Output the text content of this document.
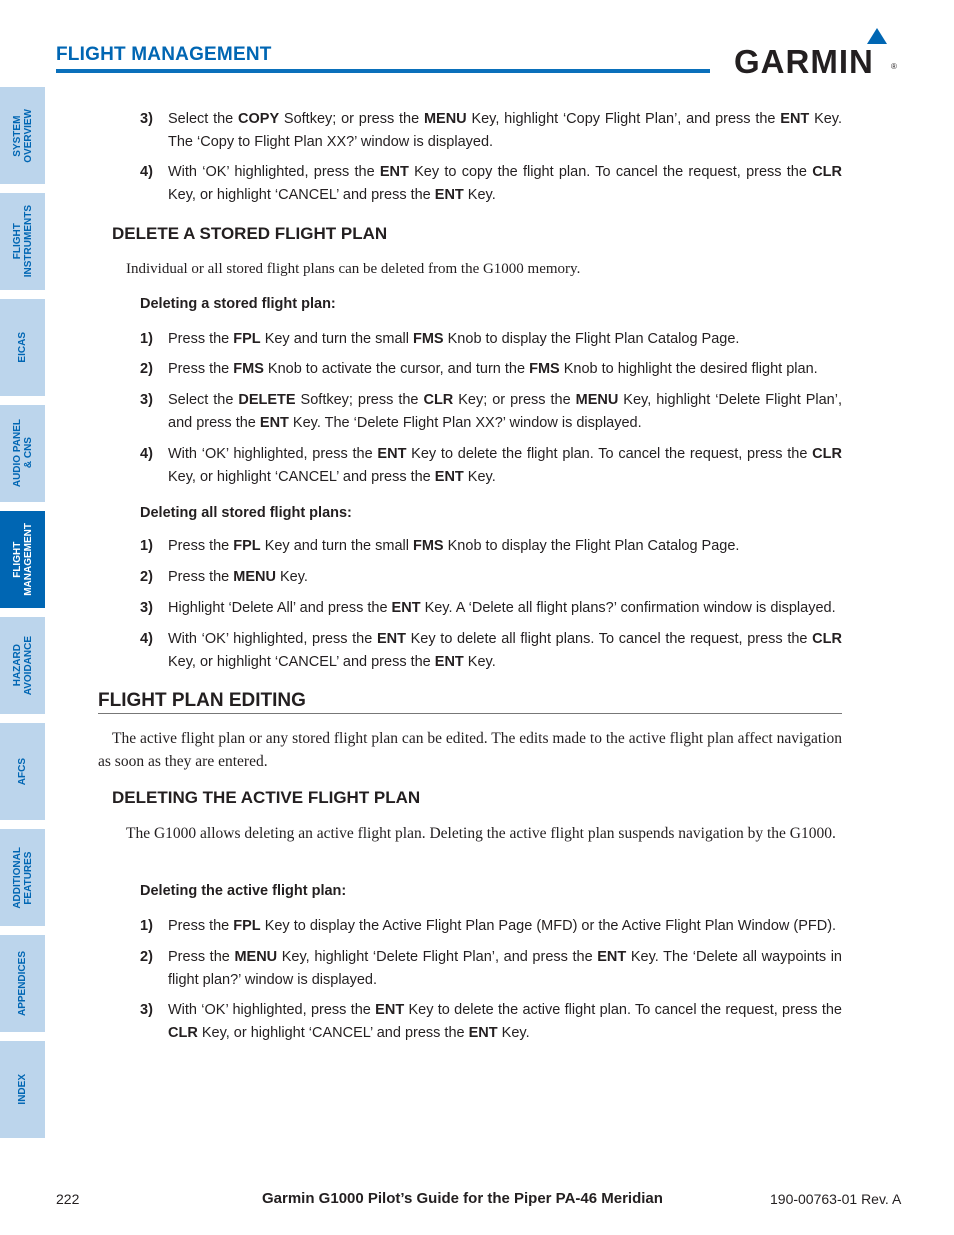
FLIGHT MANAGEMENT	GARMIN ®
SYSTEM
OVERVIEW
FLIGHT
INSTRUMENTS
EICAS
AUDIO PANEL
& CNS
FLIGHT
MANAGEMENT
HAZARD
AVOIDANCE
AFCS
ADDITIONAL
FEATURES
APPENDICES
INDEX
3) Select the COPY Softkey; or press the MENU Key, highlight ‘Copy Flight Plan’, and press the ENT Key. The ‘Copy to Flight Plan XX?’ window is displayed.
4) With ‘OK’ highlighted, press the ENT Key to copy the flight plan. To cancel the request, press the CLR Key, or highlight ‘CANCEL’ and press the ENT Key.
DELETE A STORED FLIGHT PLAN
Individual or all stored flight plans can be deleted from the G1000 memory.
Deleting a stored flight plan:
1) Press the FPL Key and turn the small FMS Knob to display the Flight Plan Catalog Page.
2) Press the FMS Knob to activate the cursor, and turn the FMS Knob to highlight the desired flight plan.
3) Select the DELETE Softkey; press the CLR Key; or press the MENU Key, highlight ‘Delete Flight Plan’, and press the ENT Key. The ‘Delete Flight Plan XX?’ window is displayed.
4) With ‘OK’ highlighted, press the ENT Key to delete the flight plan. To cancel the request, press the CLR Key, or highlight ‘CANCEL’ and press the ENT Key.
Deleting all stored flight plans:
1) Press the FPL Key and turn the small FMS Knob to display the Flight Plan Catalog Page.
2) Press the MENU Key.
3) Highlight ‘Delete All’ and press the ENT Key. A ‘Delete all flight plans?’ confirmation window is displayed.
4) With ‘OK’ highlighted, press the ENT Key to delete all flight plans. To cancel the request, press the CLR Key, or highlight ‘CANCEL’ and press the ENT Key.
FLIGHT PLAN EDITING
The active flight plan or any stored flight plan can be edited. The edits made to the active flight plan affect navigation as soon as they are entered.
DELETING THE ACTIVE FLIGHT PLAN
The G1000 allows deleting an active flight plan. Deleting the active flight plan suspends navigation by the G1000.
Deleting the active flight plan:
1) Press the FPL Key to display the Active Flight Plan Page (MFD) or the Active Flight Plan Window (PFD).
2) Press the MENU Key, highlight ‘Delete Flight Plan’, and press the ENT Key. The ‘Delete all waypoints in flight plan?’ window is displayed.
3) With ‘OK’ highlighted, press the ENT Key to delete the active flight plan. To cancel the request, press the CLR Key, or highlight ‘CANCEL’ and press the ENT Key.
222	Garmin G1000 Pilot’s Guide for the Piper PA-46 Meridian	190-00763-01 Rev. A
